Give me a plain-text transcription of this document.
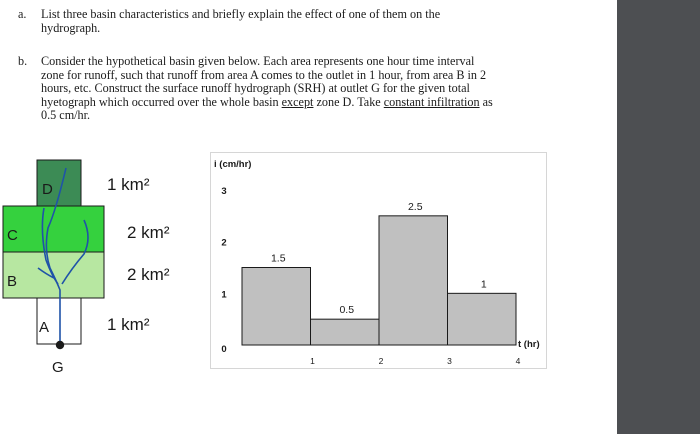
a. List three basin characteristics and briefly explain the effect of one of them on the
hydrograph.
b. Consider the hypothetical basin given below. Each area represents one hour time interval
zone for runoff, such that runoff from area A comes to the outlet in 1 hour, from area B in 2
hours, etc. Construct the surface runoff hydrograph (SRH) at outlet G for the given total
hyetograph which occurred over the whole basin except zone D. Take constant infiltration as
0.5 cm/hr.
D
C
B
A
G
1 km²
2 km²
2 km²
1 km²
i (cm/hr)
0
1
2
3
1.5
0.5
2.5
1
1	2	3	4
t (hr)
